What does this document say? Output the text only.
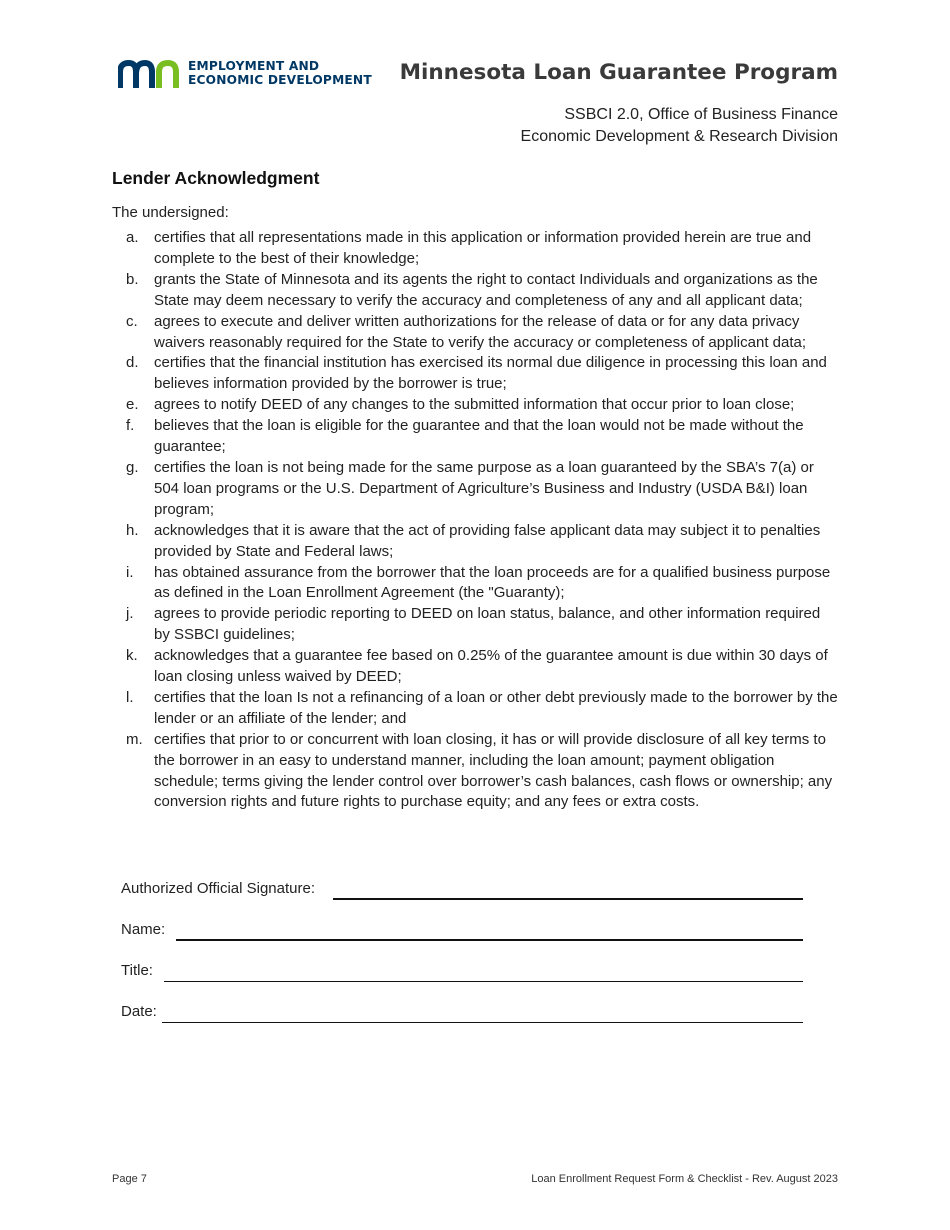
EMPLOYMENT AND
ECONOMIC DEVELOPMENT Minnesota Loan Guarantee Program
SSBCI 2.0, Office of Business Finance
Economic Development & Research Division
Lender Acknowledgment
The undersigned:
a. certifies that all representations made in this application or information provided herein are true and complete to the best of their knowledge;
b. grants the State of Minnesota and its agents the right to contact Individuals and organizations as the State may deem necessary to verify the accuracy and completeness of any and all applicant data;
c. agrees to execute and deliver written authorizations for the release of data or for any data privacy waivers reasonably required for the State to verify the accuracy or completeness of applicant data;
d. certifies that the financial institution has exercised its normal due diligence in processing this loan and believes information provided by the borrower is true;
e. agrees to notify DEED of any changes to the submitted information that occur prior to loan close;
f. believes that the loan is eligible for the guarantee and that the loan would not be made without the guarantee;
g. certifies the loan is not being made for the same purpose as a loan guaranteed by the SBA’s 7(a) or 504 loan programs or the U.S. Department of Agriculture’s Business and Industry (USDA B&I) loan program;
h. acknowledges that it is aware that the act of providing false applicant data may subject it to penalties provided by State and Federal laws;
i. has obtained assurance from the borrower that the loan proceeds are for a qualified business purpose as defined in the Loan Enrollment Agreement (the "Guaranty);
j. agrees to provide periodic reporting to DEED on loan status, balance, and other information required by SSBCI guidelines;
k. acknowledges that a guarantee fee based on 0.25% of the guarantee amount is due within 30 days of loan closing unless waived by DEED;
l. certifies that the loan Is not a refinancing of a loan or other debt previously made to the borrower by the lender or an affiliate of the lender; and
m. certifies that prior to or concurrent with loan closing, it has or will provide disclosure of all key terms to the borrower in an easy to understand manner, including the loan amount; payment obligation schedule; terms giving the lender control over borrower’s cash balances, cash flows or ownership; any conversion rights and future rights to purchase equity; and any fees or extra costs.
Authorized Official Signature:
Name:
Title:
Date:
Page 7	Loan Enrollment Request Form & Checklist - Rev. August 2023
